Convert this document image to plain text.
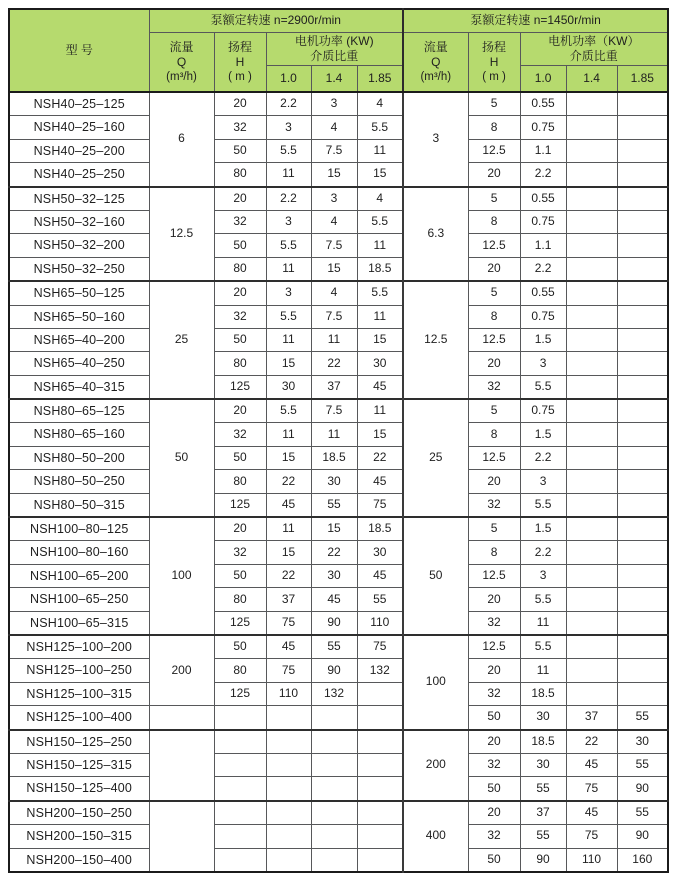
型 号	泵额定转速 n=2900r/min					泵额定转速 n=1450r/min				

	流量
Q
(m³/h)	扬程
H
( m )	电机功率 (KW)
介质比重			流量
Q
(m³/h)	扬程
H
( m )	电机功率（KW）
介质比重		

			1.0	1.4	1.85			1.0	1.4	1.85
NSH40–25–125	6	20	2.2	3	4	3	5	0.55		
NSH40–25–160		32	3	4	5.5		8	0.75		
NSH40–25–200		50	5.5	7.5	11		12.5	1.1		
NSH40–25–250		80	11	15	15		20	2.2		
NSH50–32–125	12.5	20	2.2	3	4	6.3	5	0.55		
NSH50–32–160		32	3	4	5.5		8	0.75		
NSH50–32–200		50	5.5	7.5	11		12.5	1.1		
NSH50–32–250		80	11	15	18.5		20	2.2		
NSH65–50–125	25	20	3	4	5.5	12.5	5	0.55		
NSH65–50–160		32	5.5	7.5	11		8	0.75		
NSH65–40–200		50	11	11	15		12.5	1.5		
NSH65–40–250		80	15	22	30		20	3		
NSH65–40–315		125	30	37	45		32	5.5		
NSH80–65–125	50	20	5.5	7.5	11	25	5	0.75		
NSH80–65–160		32	11	11	15		8	1.5		
NSH80–50–200		50	15	18.5	22		12.5	2.2		
NSH80–50–250		80	22	30	45		20	3		
NSH80–50–315		125	45	55	75		32	5.5		
NSH100–80–125	100	20	11	15	18.5	50	5	1.5		
NSH100–80–160		32	15	22	30		8	2.2		
NSH100–65–200		50	22	30	45		12.5	3		
NSH100–65–250		80	37	45	55		20	5.5		
NSH100–65–315		125	75	90	110		32	11		
NSH125–100–200	200	50	45	55	75	100	12.5	5.5		
NSH125–100–250		80	75	90	132		20	11		
NSH125–100–315		125	110	132			32	18.5		
NSH125–100–400							50	30	37	55
NSH150–125–250						200	20	18.5	22	30
NSH150–125–315							32	30	45	55
NSH150–125–400							50	55	75	90
NSH200–150–250						400	20	37	45	55
NSH200–150–315							32	55	75	90
NSH200–150–400							50	90	110	160
